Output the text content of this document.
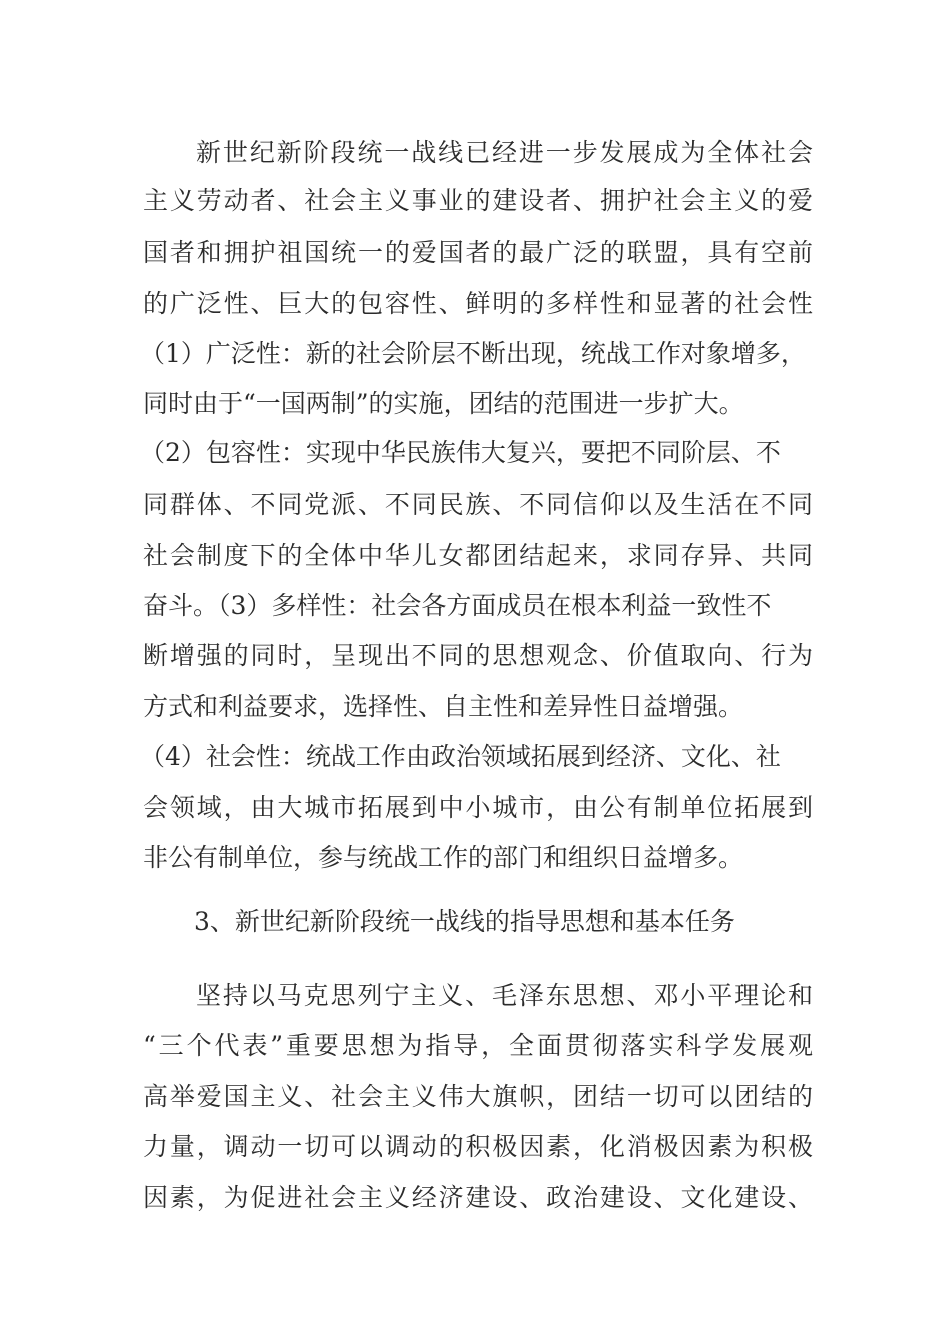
新世纪新阶段统一战线已经进一步发展成为全体社会
主义劳动者、社会主义事业的建设者、拥护社会主义的爱
国者和拥护祖国统一的爱国者的最广泛的联盟，具有空前
的广泛性、巨大的包容性、鲜明的多样性和显著的社会性
（1）广泛性：新的社会阶层不断出现，统战工作对象增多，
同时由于“一国两制”的实施，团结的范围进一步扩大。
（2）包容性：实现中华民族伟大复兴，要把不同阶层、不
同群体、不同党派、不同民族、不同信仰以及生活在不同
社会制度下的全体中华儿女都团结起来，求同存异、共同
奋斗。（3）多样性：社会各方面成员在根本利益一致性不
断增强的同时，呈现出不同的思想观念、价值取向、行为
方式和利益要求，选择性、自主性和差异性日益增强。
（4）社会性：统战工作由政治领域拓展到经济、文化、社
会领域，由大城市拓展到中小城市，由公有制单位拓展到
非公有制单位，参与统战工作的部门和组织日益增多。
3、新世纪新阶段统一战线的指导思想和基本任务
坚持以马克思列宁主义、毛泽东思想、邓小平理论和
“三个代表”重要思想为指导，全面贯彻落实科学发展观
高举爱国主义、社会主义伟大旗帜，团结一切可以团结的
力量，调动一切可以调动的积极因素，化消极因素为积极
因素，为促进社会主义经济建设、政治建设、文化建设、
